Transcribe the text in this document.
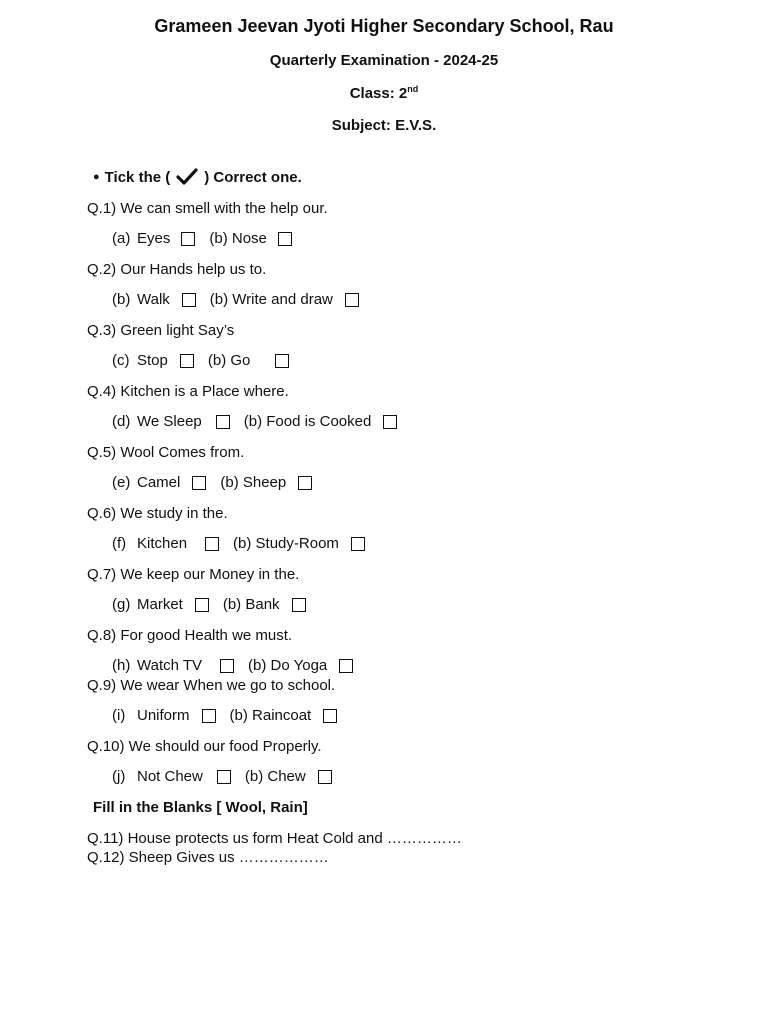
Grameen Jeevan Jyoti Higher Secondary School, Rau
Quarterly Examination - 2024-25
Class: 2nd
Subject: E.V.S.
● Tick the ( ) Correct one.
Q.1) We can smell with the help our.
(a) Eyes	(b) Nose
Q.2) Our Hands help us to.
(b) Walk	(b) Write and draw
Q.3) Green light Say’s
(c) Stop	(b) Go
Q.4) Kitchen is a Place where.
(d) We Sleep	(b) Food is Cooked
Q.5) Wool Comes from.
(e) Camel	(b) Sheep
Q.6) We study in the.
(f) Kitchen	(b) Study-Room
Q.7) We keep our Money in the.
(g) Market	(b) Bank
Q.8) For good Health we must.
(h) Watch TV	(b) Do Yoga
Q.9) We wear When we go to school.
(i) Uniform	(b) Raincoat
Q.10) We should our food Properly.
(j) Not Chew	(b) Chew
Fill in the Blanks [ Wool, Rain]
Q.11) House protects us form Heat Cold and ……………
Q.12) Sheep Gives us ………………
